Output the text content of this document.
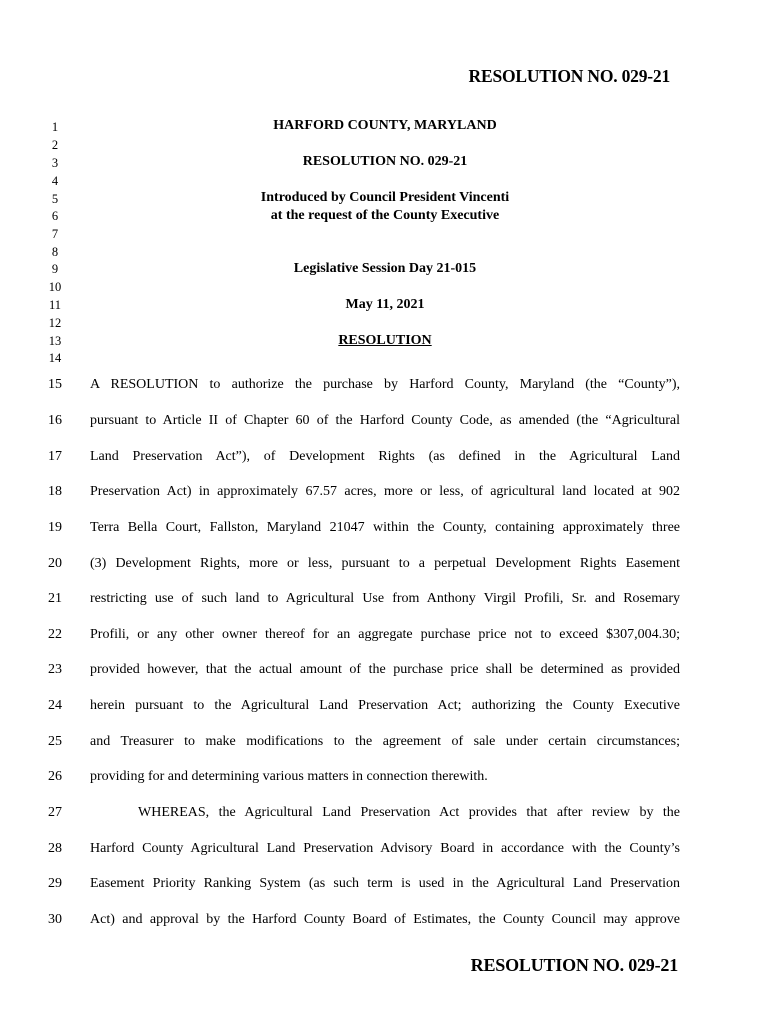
RESOLUTION NO. 029-21
1
2
3
4
5
6
7
8
9
10
11
12
13
14
HARFORD COUNTY, MARYLAND
RESOLUTION NO. 029-21
Introduced by Council President Vincenti
at the request of the County Executive
Legislative Session Day 21-015
May 11, 2021
RESOLUTION
15
16
17
18
19
20
21
22
23
24
25
26
27
28
29
30
A RESOLUTION to authorize the purchase by Harford County, Maryland (the “County”),
pursuant to Article II of Chapter 60 of the Harford County Code, as amended (the “Agricultural
Land Preservation Act”), of Development Rights (as defined in the Agricultural Land
Preservation Act) in approximately 67.57 acres, more or less, of agricultural land located at 902
Terra Bella Court, Fallston, Maryland 21047 within the County, containing approximately three
(3) Development Rights, more or less, pursuant to a perpetual Development Rights Easement
restricting use of such land to Agricultural Use from Anthony Virgil Profili, Sr. and Rosemary
Profili, or any other owner thereof for an aggregate purchase price not to exceed $307,004.30;
provided however, that the actual amount of the purchase price shall be determined as provided
herein pursuant to the Agricultural Land Preservation Act; authorizing the County Executive
and Treasurer to make modifications to the agreement of sale under certain circumstances;
providing for and determining various matters in connection therewith.
WHEREAS, the Agricultural Land Preservation Act provides that after review by the
Harford County Agricultural Land Preservation Advisory Board in accordance with the County’s
Easement Priority Ranking System (as such term is used in the Agricultural Land Preservation
Act) and approval by the Harford County Board of Estimates, the County Council may approve
RESOLUTION NO. 029-21
